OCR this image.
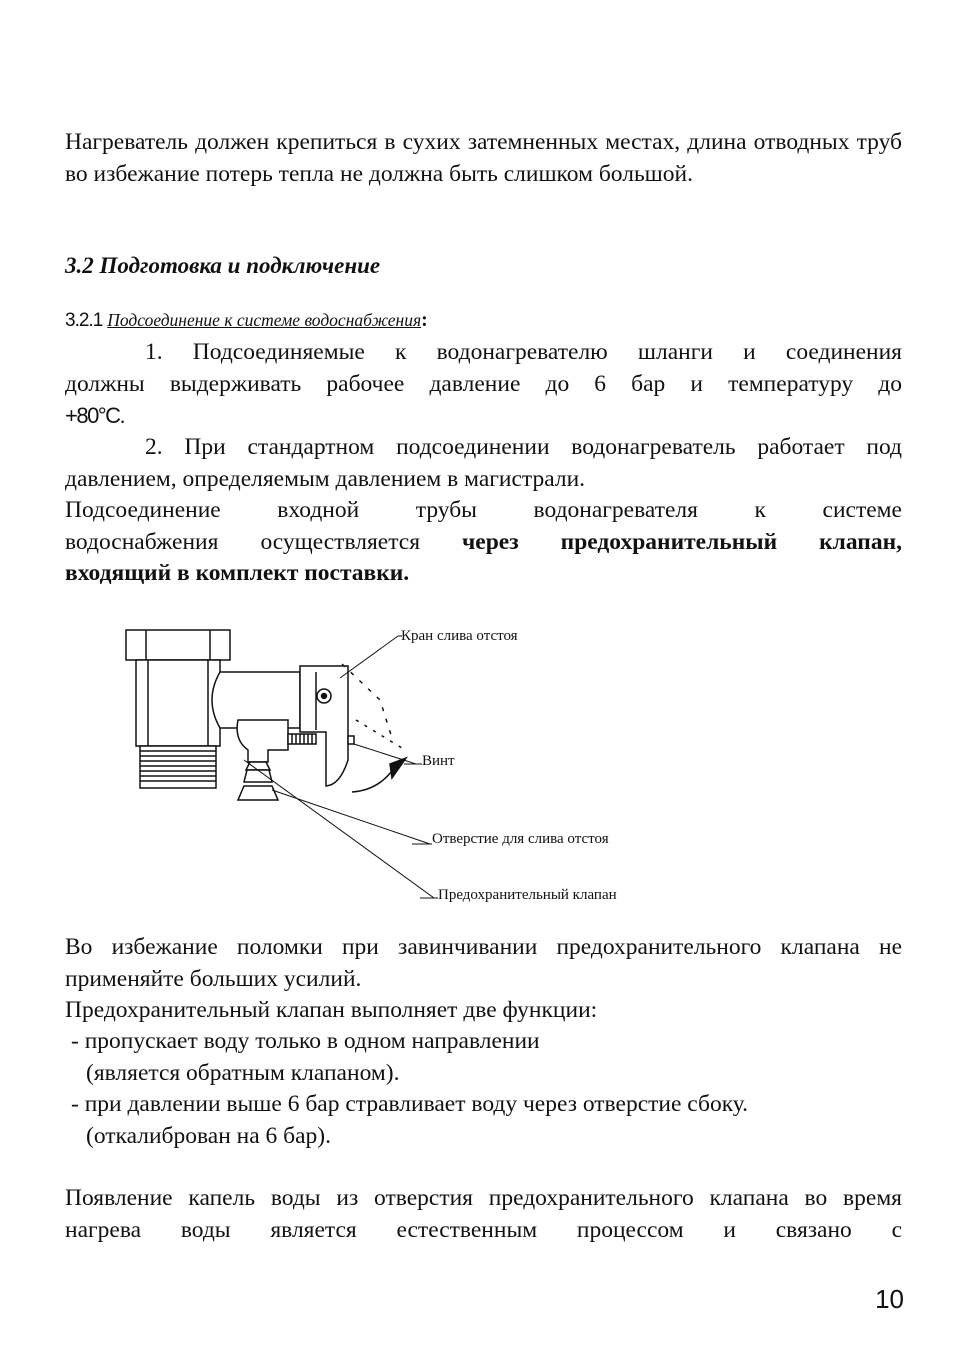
Нагреватель должен крепиться в сухих затемненных местах, длина отводных труб во избежание потерь тепла не должна быть слишком большой.

3.2 Подготовка и подключение

3.2.1 Подсоединение к системе водоснабжения:

1. Подсоединяемые к водонагревателю шланги и соединения
должны выдерживать рабочее давление до 6 бар и температуру до
+80°С.

2. При стандартном подсоединении водонагреватель работает под давлением, определяемым давлением в магистрали.

Подсоединение входной трубы водонагревателя к системе
водоснабжения осуществляется через предохранительный клапан,
входящий в комплект поставки.
Кран слива отстоя
Винт
Отверстие для слива отстоя
Предохранительный клапан

Во избежание поломки при завинчивании предохранительного клапана не применяйте больших усилий.

Предохранительный клапан выполняет две функции:

- пропускает воду только в одном направлении
(является обратным клапаном).
- при давлении выше 6 бар стравливает воду через отверстие сбоку.
(откалиброван на 6 бар).

Появление капель воды из отверстия предохранительного клапана во время нагрева воды является естественным процессом и связано с

10
